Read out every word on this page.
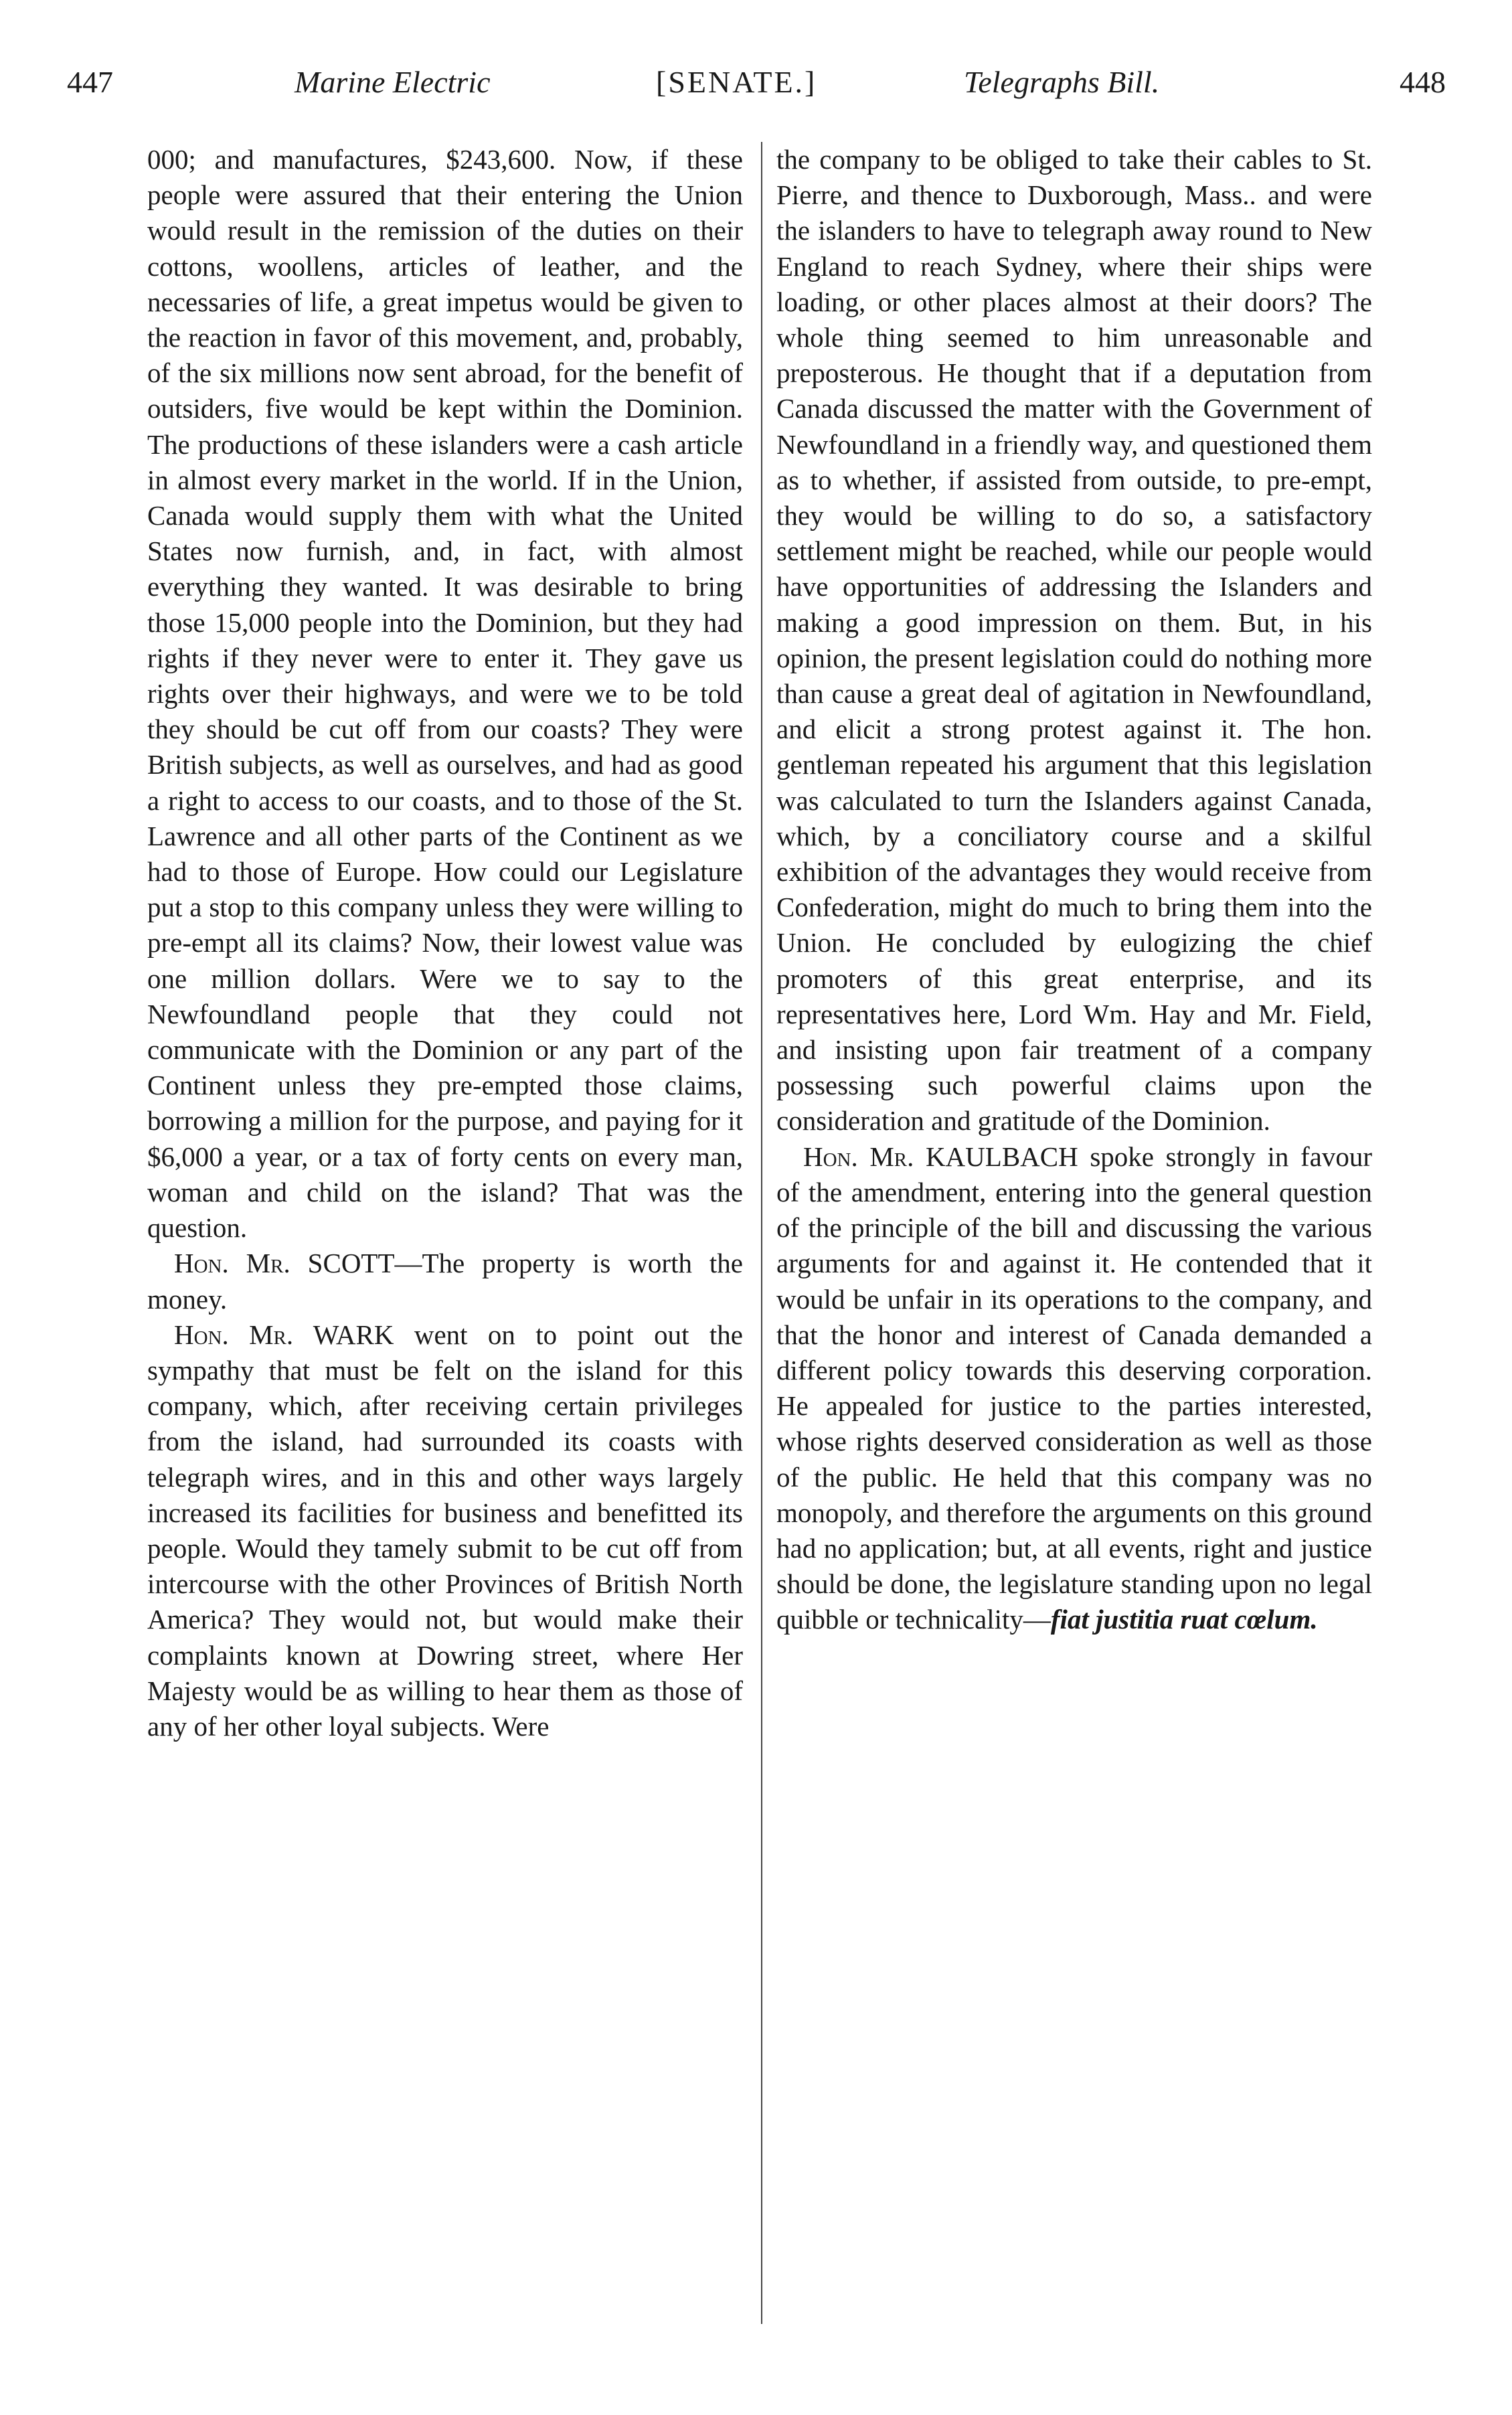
447	Marine Electric	[SENATE.]	Telegraphs Bill.	448

000; and manufactures, $243,600. Now, if these people were assured that their entering the Union would result in the remission of the duties on their cottons, woollens, articles of leather, and the necessaries of life, a great impetus would be given to the reaction in favor of this movement, and, probably, of the six millions now sent abroad, for the benefit of outsiders, five would be kept within the Dominion. The productions of these islanders were a cash article in almost every market in the world. If in the Union, Canada would supply them with what the United States now furnish, and, in fact, with almost everything they wanted. It was desirable to bring those 15,000 people into the Dominion, but they had rights if they never were to enter it. They gave us rights over their highways, and were we to be told they should be cut off from our coasts? They were British subjects, as well as ourselves, and had as good a right to access to our coasts, and to those of the St. Lawrence and all other parts of the Continent as we had to those of Europe. How could our Legislature put a stop to this company unless they were willing to pre-empt all its claims? Now, their lowest value was one million dollars. Were we to say to the Newfoundland people that they could not communicate with the Dominion or any part of the Continent unless they pre-empted those claims, borrowing a million for the purpose, and paying for it $6,000 a year, or a tax of forty cents on every man, woman and child on the island? That was the question.

Hon. Mr. SCOTT—The property is worth the money.

Hon. Mr. WARK went on to point out the sympathy that must be felt on the island for this company, which, after receiving certain privileges from the island, had surrounded its coasts with telegraph wires, and in this and other ways largely increased its facilities for business and benefitted its people. Would they tamely submit to be cut off from intercourse with the other Provinces of British North America? They would not, but would make their complaints known at Dowring street, where Her Majesty would be as willing to hear them as those of any of her other loyal subjects. Were

the company to be obliged to take their cables to St. Pierre, and thence to Duxborough, Mass.. and were the islanders to have to telegraph away round to New England to reach Sydney, where their ships were loading, or other places almost at their doors? The whole thing seemed to him unreasonable and preposterous. He thought that if a deputation from Canada discussed the matter with the Government of Newfoundland in a friendly way, and questioned them as to whether, if assisted from outside, to pre-empt, they would be willing to do so, a satisfactory settlement might be reached, while our people would have opportunities of addressing the Islanders and making a good impression on them. But, in his opinion, the present legislation could do nothing more than cause a great deal of agitation in Newfoundland, and elicit a strong protest against it. The hon. gentleman repeated his argument that this legislation was calculated to turn the Islanders against Canada, which, by a conciliatory course and a skilful exhibition of the advantages they would receive from Confederation, might do much to bring them into the Union. He concluded by eulogizing the chief promoters of this great enterprise, and its representatives here, Lord Wm. Hay and Mr. Field, and insisting upon fair treatment of a company possessing such powerful claims upon the consideration and gratitude of the Dominion.

Hon. Mr. KAULBACH spoke strongly in favour of the amendment, entering into the general question of the principle of the bill and discussing the various arguments for and against it. He contended that it would be unfair in its operations to the company, and that the honor and interest of Canada demanded a different policy towards this deserving corporation. He appealed for justice to the parties interested, whose rights deserved consideration as well as those of the public. He held that this company was no monopoly, and therefore the arguments on this ground had no application; but, at all events, right and justice should be done, the legislature standing upon no legal quibble or technicality—fiat justitia ruat cœlum.
